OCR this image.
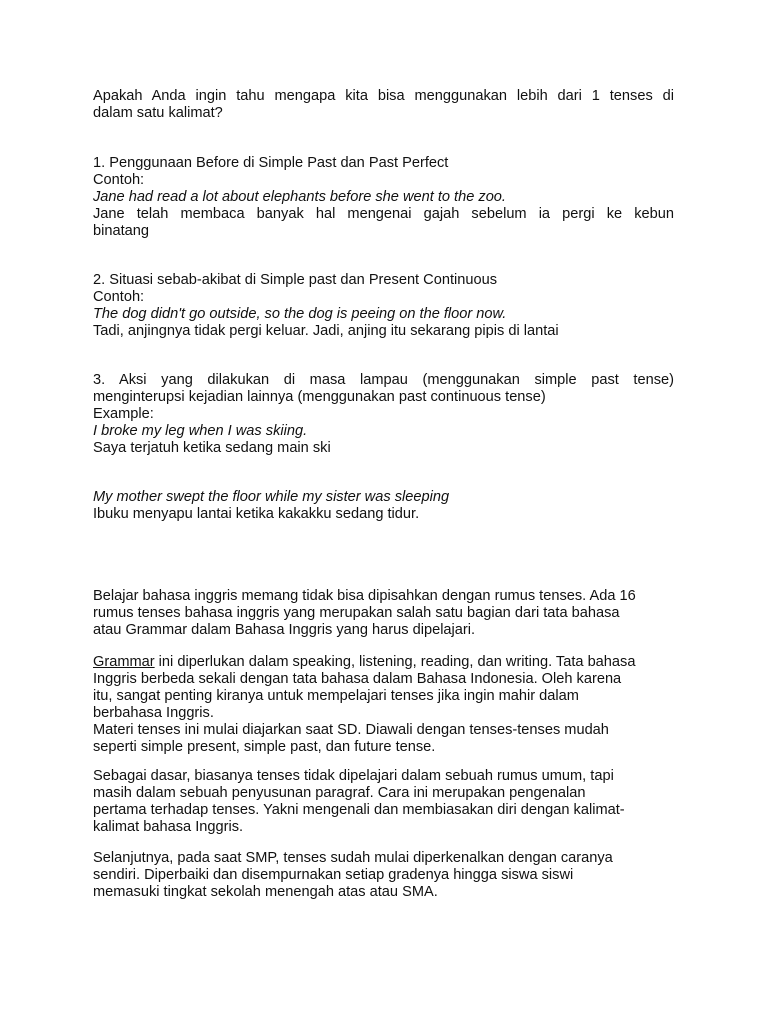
Apakah Anda ingin tahu mengapa kita bisa menggunakan lebih dari 1 tenses di
dalam satu kalimat?
1. Penggunaan Before di Simple Past dan Past Perfect
Contoh:
Jane had read a lot about elephants before she went to the zoo.
Jane telah membaca banyak hal mengenai gajah sebelum ia pergi ke kebun
binatang
2. Situasi sebab-akibat di Simple past dan Present Continuous
Contoh:
The dog didn't go outside, so the dog is peeing on the floor now.
Tadi, anjingnya tidak pergi keluar. Jadi, anjing itu sekarang pipis di lantai
3. Aksi yang dilakukan di masa lampau (menggunakan simple past tense)
menginterupsi kejadian lainnya (menggunakan past continuous tense)
Example:
I broke my leg when I was skiing.
Saya terjatuh ketika sedang main ski
My mother swept the floor while my sister was sleeping
Ibuku menyapu lantai ketika kakakku sedang tidur.
Belajar bahasa inggris memang tidak bisa dipisahkan dengan rumus tenses. Ada 16
rumus tenses bahasa inggris yang merupakan salah satu bagian dari tata bahasa
atau Grammar dalam Bahasa Inggris yang harus dipelajari.
Grammar ini diperlukan dalam speaking, listening, reading, dan writing. Tata bahasa
Inggris berbeda sekali dengan tata bahasa dalam Bahasa Indonesia. Oleh karena
itu, sangat penting kiranya untuk mempelajari tenses jika ingin mahir dalam
berbahasa Inggris.
Materi tenses ini mulai diajarkan saat SD. Diawali dengan tenses-tenses mudah
seperti simple present, simple past, dan future tense.
Sebagai dasar, biasanya tenses tidak dipelajari dalam sebuah rumus umum, tapi
masih dalam sebuah penyusunan paragraf. Cara ini merupakan pengenalan
pertama terhadap tenses. Yakni mengenali dan membiasakan diri dengan kalimat-
kalimat bahasa Inggris.
Selanjutnya, pada saat SMP, tenses sudah mulai diperkenalkan dengan caranya
sendiri. Diperbaiki dan disempurnakan setiap gradenya hingga siswa siswi
memasuki tingkat sekolah menengah atas atau SMA.
